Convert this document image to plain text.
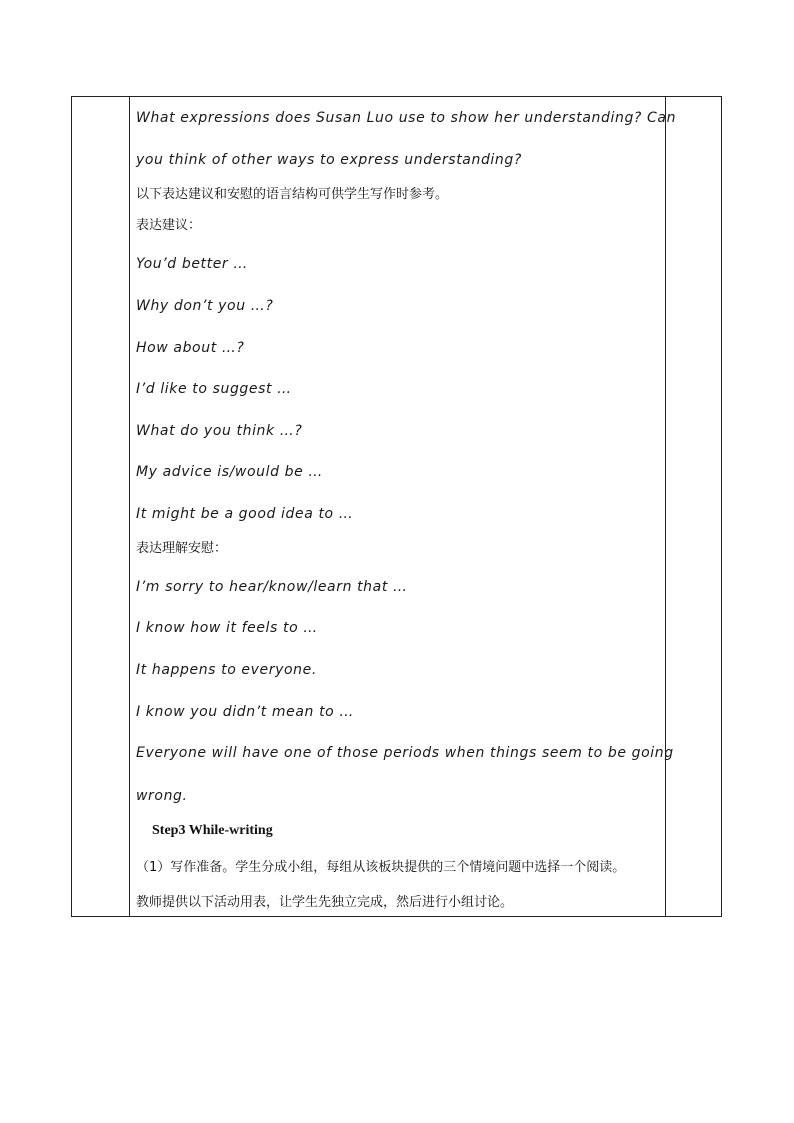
What expressions does Susan Luo use to show her understanding? Can
you think of other ways to express understanding?
以下表达建议和安慰的语言结构可供学生写作时参考。
表达建议：
You’d better …
Why don’t you …?
How about …?
I’d like to suggest …
What do you think …?
My advice is/would be …
It might be a good idea to …
表达理解安慰：
I’m sorry to hear/know/learn that …
I know how it feels to …
It happens to everyone.
I know you didn’t mean to …
Everyone will have one of those periods when things seem to be going
wrong.
Step3 While-writing
（1）写作准备。学生分成小组，每组从该板块提供的三个情境问题中选择一个阅读。
教师提供以下活动用表，让学生先独立完成，然后进行小组讨论。
